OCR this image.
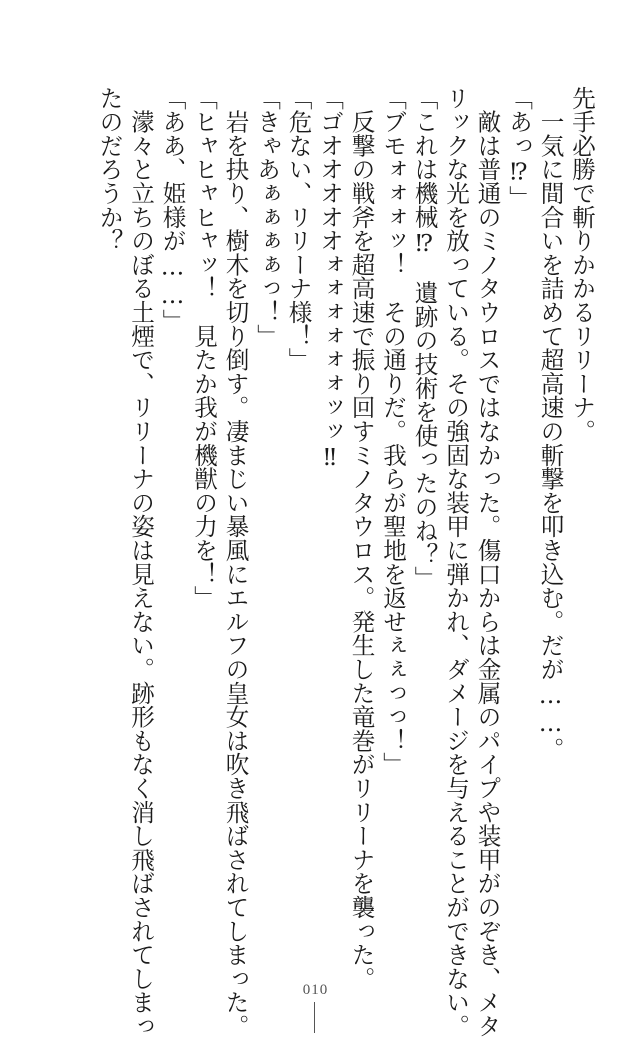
先手必勝で斬りかかるリリーナ。
　一気に間合いを詰めて超高速の斬撃を叩き込む。だが……。
「あっ⁉」
　敵は普通のミノタウロスではなかった。傷口からは金属のパイプや装甲がのぞき、メタ
リックな光を放っている。その強固な装甲に弾かれ、ダメージを与えることができない。
「これは機械⁉　遺跡の技術を使ったのね？」
「ブモォォォッ！　その通りだ。我らが聖地を返せぇぇっっ！」
　反撃の戦斧を超高速で振り回すミノタウロス。発生した竜巻がリリーナを襲った。
「ゴオオオオオォォォォォォッッ‼
「危ない、リリーナ様！」
「きゃあぁぁぁぁっ！」
　岩を抉り、樹木を切り倒す。凄まじい暴風にエルフの皇女は吹き飛ばされてしまった。
「ヒャヒャヒャッ！　見たか我が機獣の力を！」
「ああ、姫様が……」
　濛々と立ちのぼる土煙で、リリーナの姿は見えない。跡形もなく消し飛ばされてしまっ
たのだろうか？
010
